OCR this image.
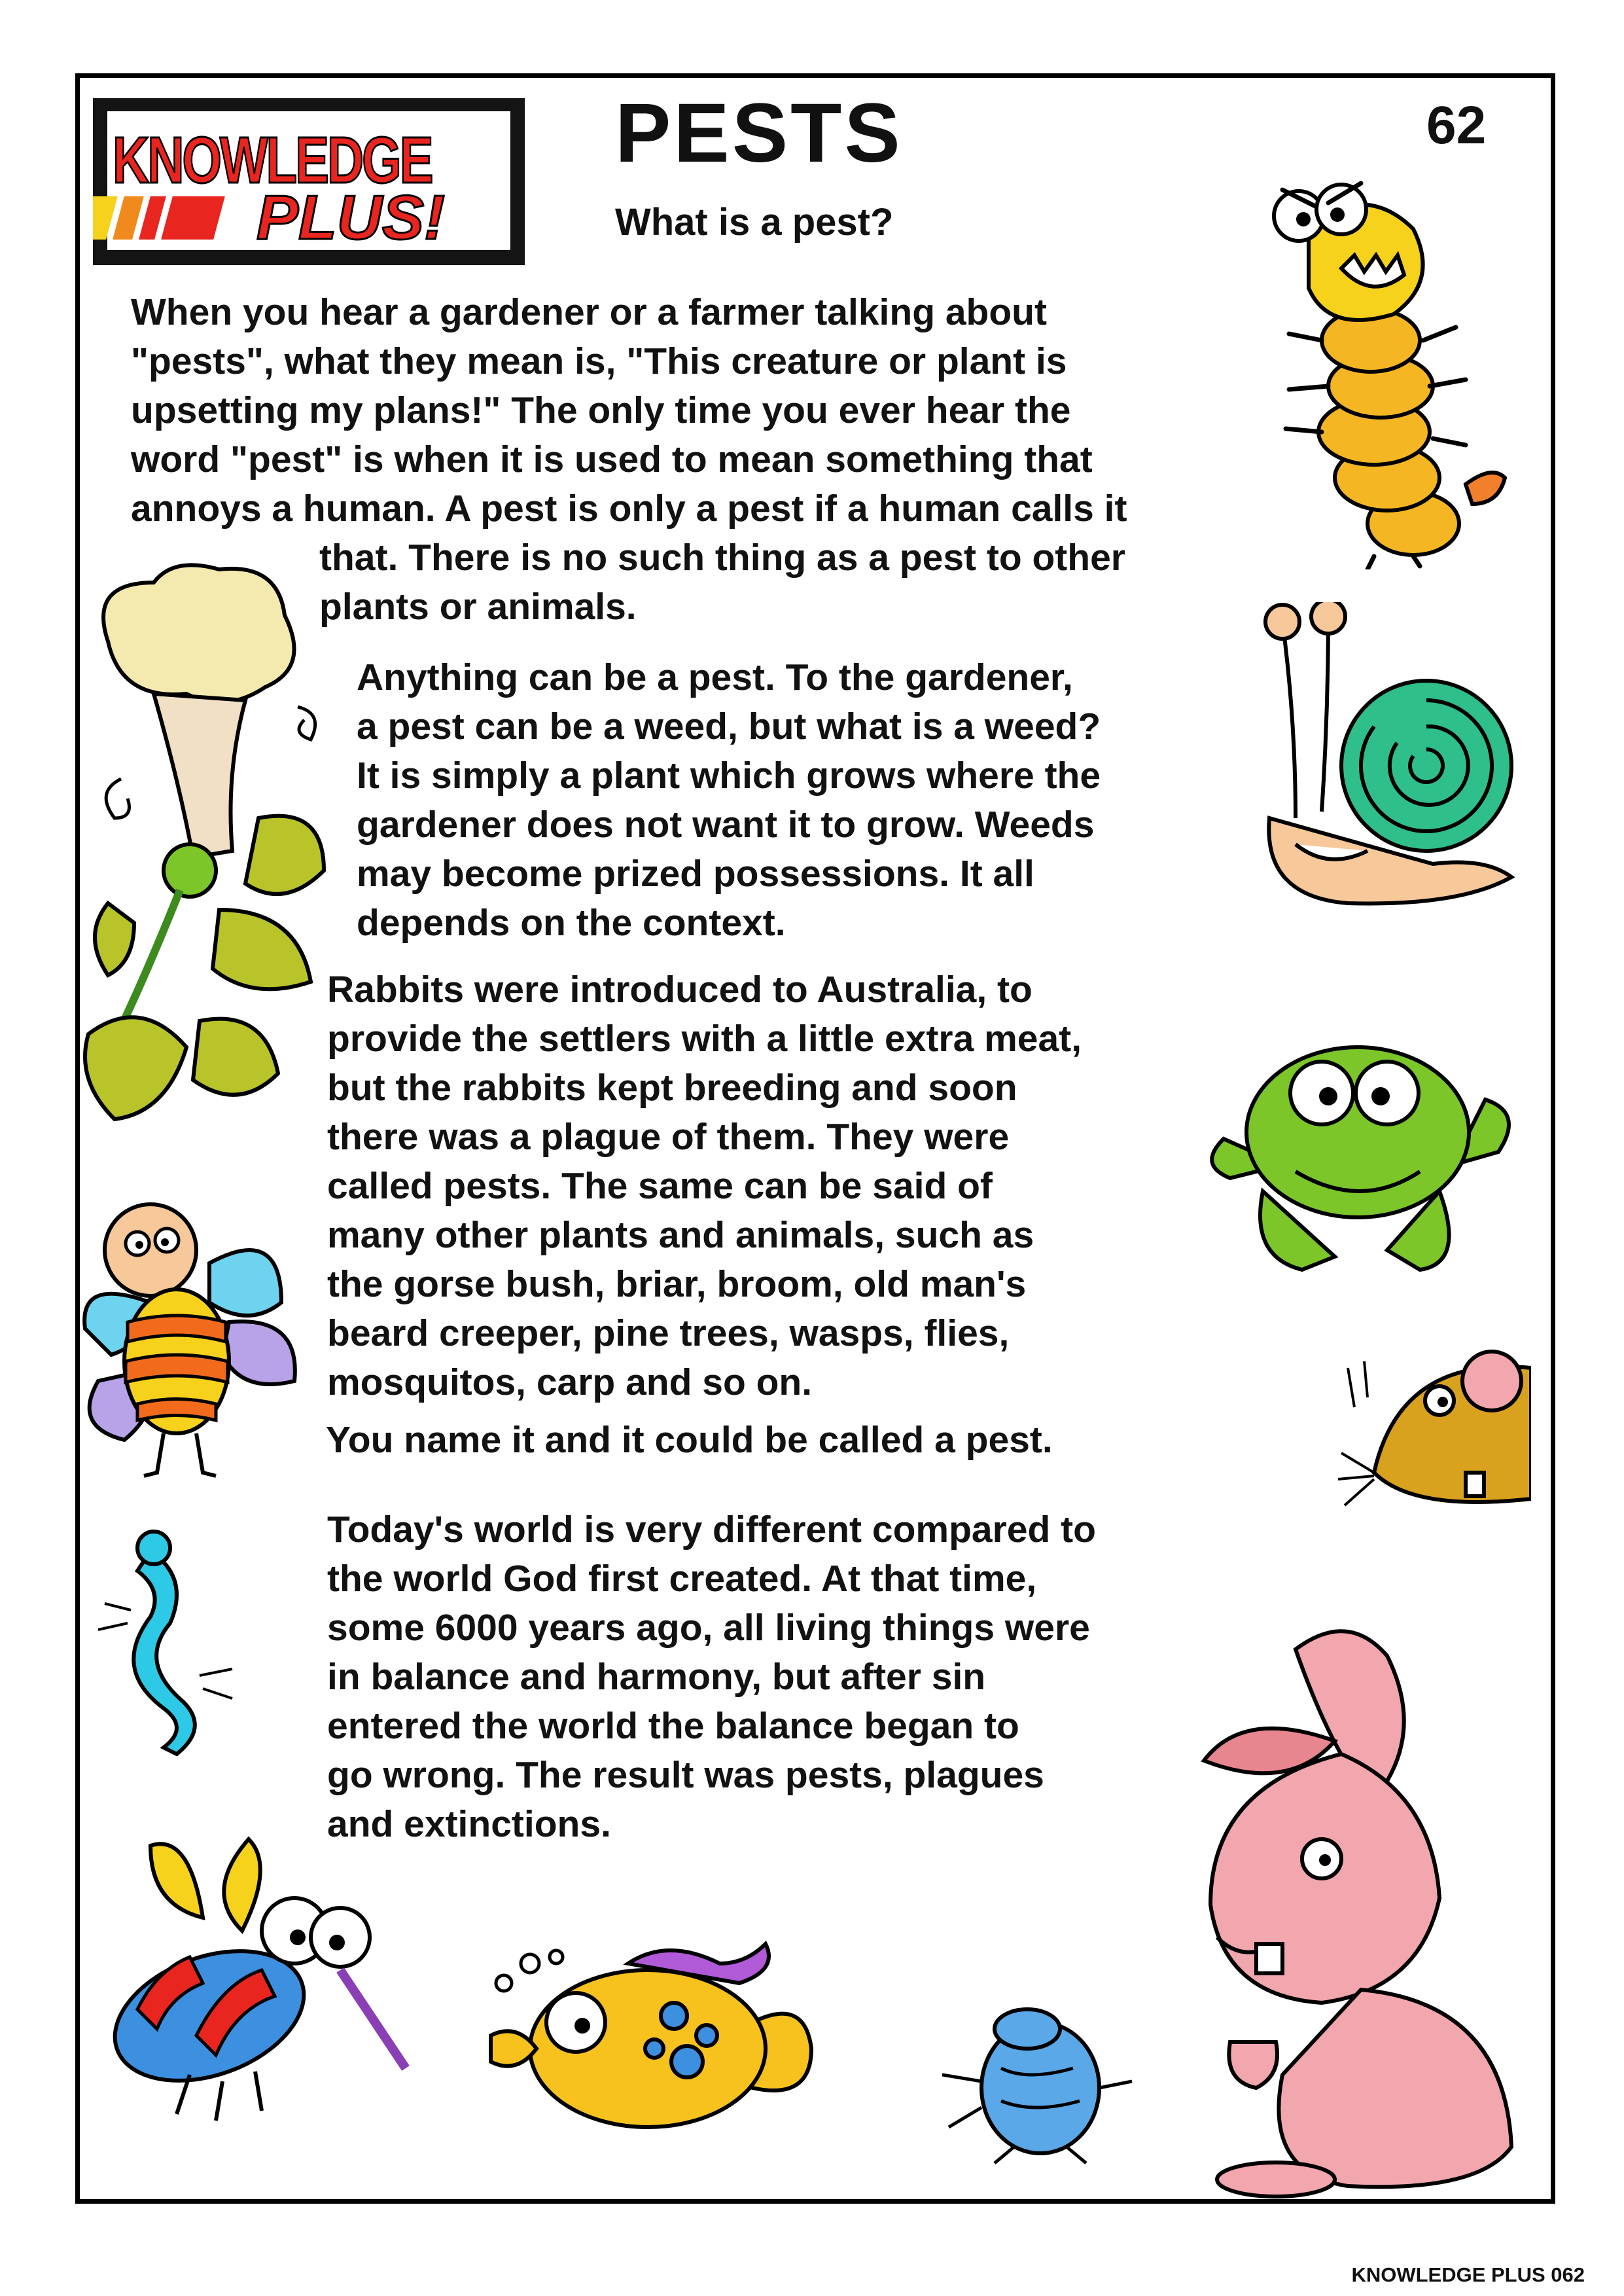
KNOWLEDGE
PLUS!
PESTS	62
What is a pest?

When you hear a gardener or a farmer talking about
"pests", what they mean is, "This creature or plant is
upsetting my plans!" The only time you ever hear the
word "pest" is when it is used to mean something that
annoys a human. A pest is only a pest if a human calls it

that. There is no such thing as a pest to other
plants or animals.

Anything can be a pest. To the gardener,
a pest can be a weed, but what is a weed?
It is simply a plant which grows where the
gardener does not want it to grow. Weeds
may become prized possessions. It all
depends on the context.

Rabbits were introduced to Australia, to
provide the settlers with a little extra meat,
but the rabbits kept breeding and soon
there was a plague of them. They were
called pests. The same can be said of
many other plants and animals, such as
the gorse bush, briar, broom, old man's
beard creeper, pine trees, wasps, flies,
mosquitos, carp and so on.

You name it and it could be called a pest.

Today's world is very different compared to
the world God first created. At that time,
some 6000 years ago, all living things were
in balance and harmony, but after sin
entered the world the balance began to
go wrong. The result was pests, plagues
and extinctions.

KNOWLEDGE PLUS 062
